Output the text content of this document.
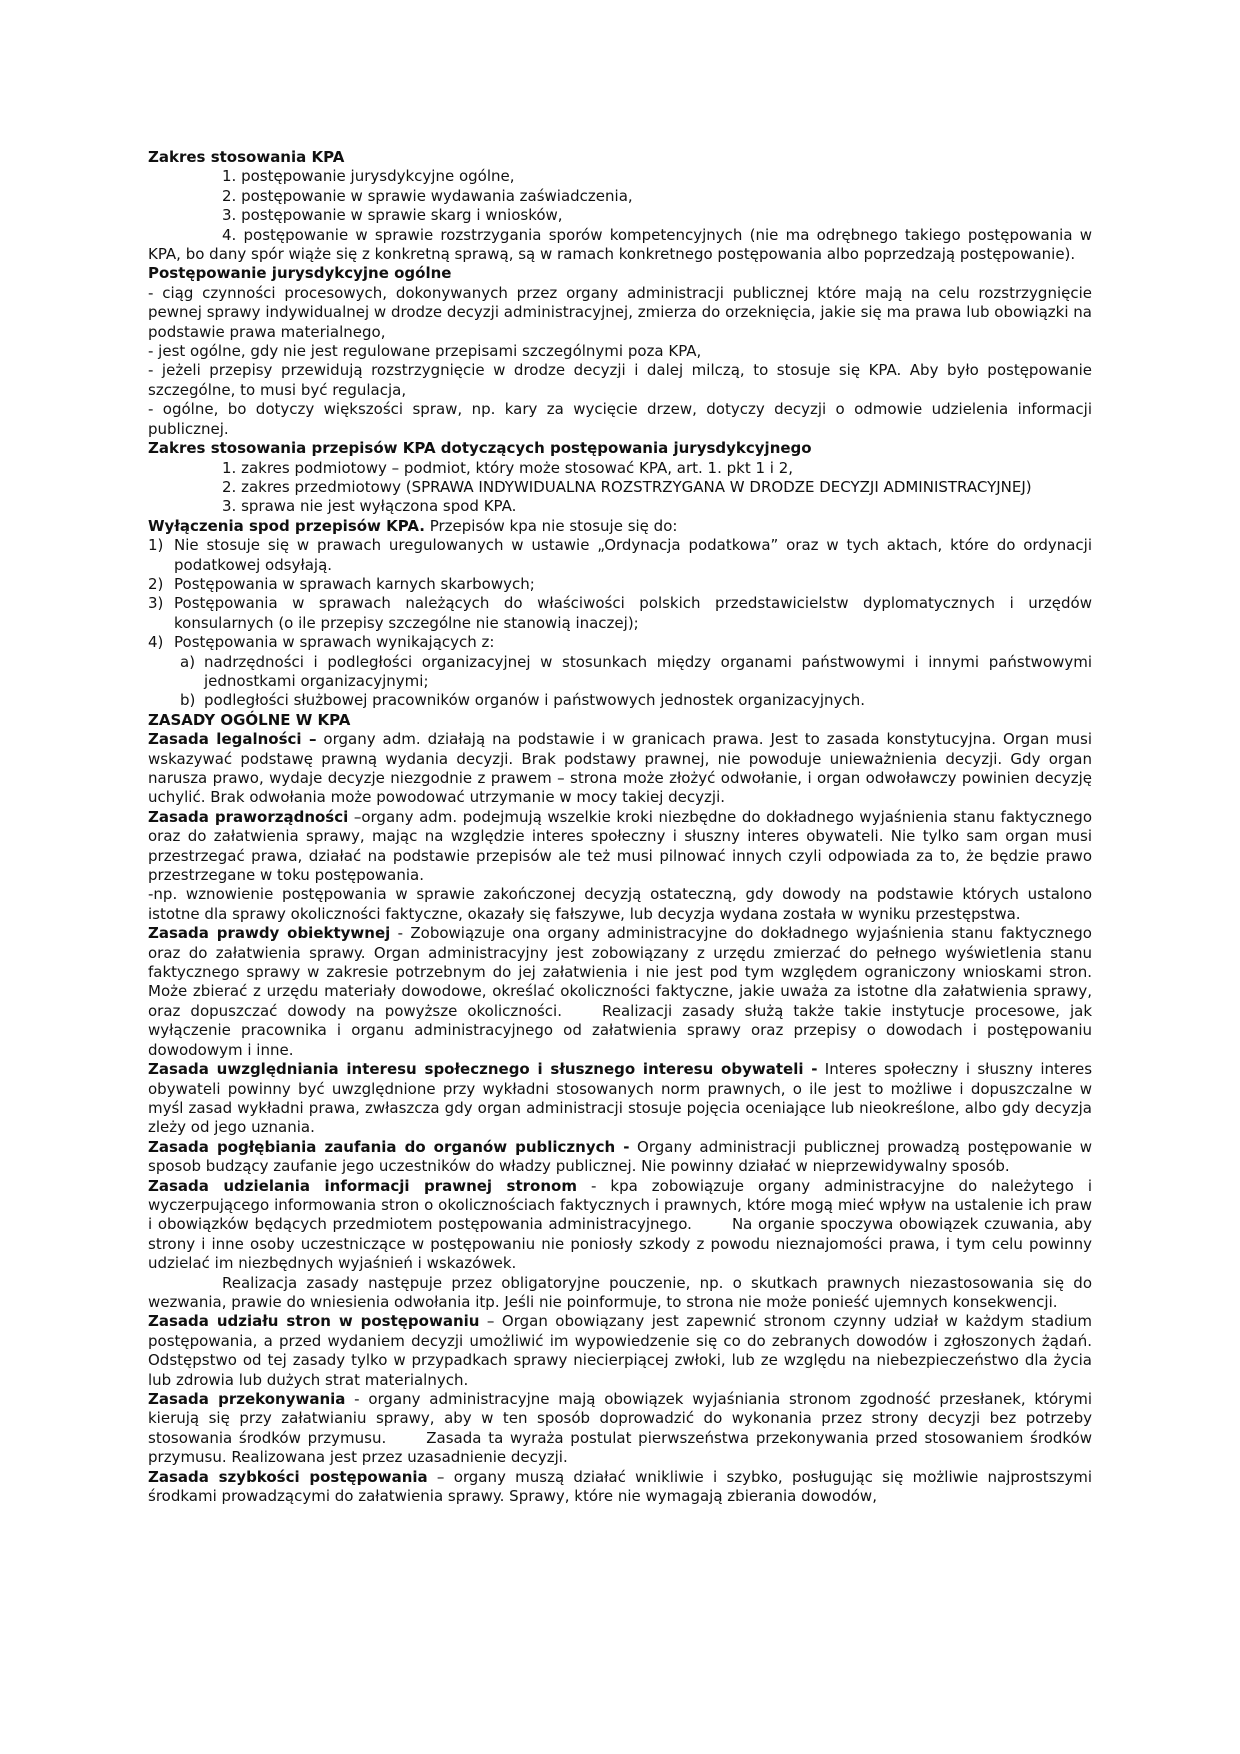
Zakres stosowania KPA

1. postępowanie jurysdykcyjne ogólne,

2. postępowanie w sprawie wydawania zaświadczenia,

3. postępowanie w sprawie skarg i wniosków,

4. postępowanie w sprawie rozstrzygania sporów kompetencyjnych (nie ma odrębnego takiego postępowania w KPA, bo dany spór wiąże się z konkretną sprawą, są w ramach konkretnego postępowania albo poprzedzają postępowanie).

Postępowanie jurysdykcyjne ogólne

- ciąg czynności procesowych, dokonywanych przez organy administracji publicznej które mają na celu rozstrzygnięcie pewnej sprawy indywidualnej w drodze decyzji administracyjnej, zmierza do orzeknięcia, jakie się ma prawa lub obowiązki na podstawie prawa materialnego,

- jest ogólne, gdy nie jest regulowane przepisami szczególnymi poza KPA,

- jeżeli przepisy przewidują rozstrzygnięcie w drodze decyzji i dalej milczą, to stosuje się KPA. Aby było postępowanie szczególne, to musi być regulacja,

- ogólne, bo dotyczy większości spraw, np. kary za wycięcie drzew, dotyczy decyzji o odmowie udzielenia informacji publicznej.

Zakres stosowania przepisów KPA dotyczących postępowania jurysdykcyjnego

1. zakres podmiotowy – podmiot, który może stosować KPA, art. 1. pkt 1 i 2,

2. zakres przedmiotowy (SPRAWA INDYWIDUALNA ROZSTRZYGANA W DRODZE DECYZJI ADMINISTRACYJNEJ)

3. sprawa nie jest wyłączona spod KPA.

Wyłączenia spod przepisów KPA. Przepisów kpa nie stosuje się do:

1) Nie stosuje się w prawach uregulowanych w ustawie „Ordynacja podatkowa” oraz w tych aktach, które do ordynacji podatkowej odsyłają.

2) Postępowania w sprawach karnych skarbowych;

3) Postępowania w sprawach należących do właściwości polskich przedstawicielstw dyplomatycznych i urzędów konsularnych (o ile przepisy szczególne nie stanowią inaczej);

4) Postępowania w sprawach wynikających z:

a) nadrzędności i podległości organizacyjnej w stosunkach między organami państwowymi i innymi państwowymi jednostkami organizacyjnymi;

b) podległości służbowej pracowników organów i państwowych jednostek organizacyjnych.

ZASADY OGÓLNE W KPA

Zasada legalności – organy adm. działają na podstawie i w granicach prawa. Jest to zasada konstytucyjna. Organ musi wskazywać podstawę prawną wydania decyzji. Brak podstawy prawnej, nie powoduje unieważnienia decyzji. Gdy organ narusza prawo, wydaje decyzje niezgodnie z prawem – strona może złożyć odwołanie, i organ odwoławczy powinien decyzję uchylić. Brak odwołania może powodować utrzymanie w mocy takiej decyzji.

Zasada praworządności –organy adm. podejmują wszelkie kroki niezbędne do dokładnego wyjaśnienia stanu faktycznego oraz do załatwienia sprawy, mając na względzie interes społeczny i słuszny interes obywateli. Nie tylko sam organ musi przestrzegać prawa, działać na podstawie przepisów ale też musi pilnować innych czyli odpowiada za to, że będzie prawo przestrzegane w toku postępowania.

-np. wznowienie postępowania w sprawie zakończonej decyzją ostateczną, gdy dowody na podstawie których ustalono istotne dla sprawy okoliczności faktyczne, okazały się fałszywe, lub decyzja wydana została w wyniku przestępstwa.

Zasada prawdy obiektywnej - Zobowiązuje ona organy administracyjne do dokładnego wyjaśnienia stanu faktycznego oraz do załatwienia sprawy. Organ administracyjny jest zobowiązany z urzędu zmierzać do pełnego wyświetlenia stanu faktycznego sprawy w zakresie potrzebnym do jej załatwienia i nie jest pod tym względem ograniczony wnioskami stron. Może zbierać z urzędu materiały dowodowe, określać okoliczności faktyczne, jakie uważa za istotne dla załatwienia sprawy, oraz dopuszczać dowody na powyższe okoliczności.	Realizacji zasady służą także takie instytucje procesowe, jak wyłączenie pracownika i organu administracyjnego od załatwienia sprawy oraz przepisy o dowodach i postępowaniu dowodowym i inne.

Zasada uwzględniania interesu społecznego i słusznego interesu obywateli - Interes społeczny i słuszny interes obywateli powinny być uwzględnione przy wykładni stosowanych norm prawnych, o ile jest to możliwe i dopuszczalne w myśl zasad wykładni prawa, zwłaszcza gdy organ administracji stosuje pojęcia oceniające lub nieokreślone, albo gdy decyzja zleży od jego uznania.

Zasada pogłębiania zaufania do organów publicznych - Organy administracji publicznej prowadzą postępowanie w sposob budzący zaufanie jego uczestników do władzy publicznej. Nie powinny działać w nieprzewidywalny sposób.

Zasada udzielania informacji prawnej stronom - kpa zobowiązuje organy administracyjne do należytego i wyczerpującego informowania stron o okolicznościach faktycznych i prawnych, które mogą mieć wpływ na ustalenie ich praw i obowiązków będących przedmiotem postępowania administracyjnego.	Na organie spoczywa obowiązek czuwania, aby strony i inne osoby uczestniczące w postępowaniu nie poniosły szkody z powodu nieznajomości prawa, i tym celu powinny udzielać im niezbędnych wyjaśnień i wskazówek.

Realizacja zasady następuje przez obligatoryjne pouczenie, np. o skutkach prawnych niezastosowania się do wezwania, prawie do wniesienia odwołania itp. Jeśli nie poinformuje, to strona nie może ponieść ujemnych konsekwencji.

Zasada udziału stron w postępowaniu – Organ obowiązany jest zapewnić stronom czynny udział w każdym stadium postępowania, a przed wydaniem decyzji umożliwić im wypowiedzenie się co do zebranych dowodów i zgłoszonych żądań. Odstępstwo od tej zasady tylko w przypadkach sprawy niecierpiącej zwłoki, lub ze względu na niebezpieczeństwo dla życia lub zdrowia lub dużych strat materialnych.

Zasada przekonywania - organy administracyjne mają obowiązek wyjaśniania stronom zgodność przesłanek, którymi kierują się przy załatwianiu sprawy, aby w ten sposób doprowadzić do wykonania przez strony decyzji bez potrzeby stosowania środków przymusu.	Zasada ta wyraża postulat pierwszeństwa przekonywania przed stosowaniem środków przymusu. Realizowana jest przez uzasadnienie decyzji.

Zasada szybkości postępowania – organy muszą działać wnikliwie i szybko, posługując się możliwie najprostszymi środkami prowadzącymi do załatwienia sprawy. Sprawy, które nie wymagają zbierania dowodów,
